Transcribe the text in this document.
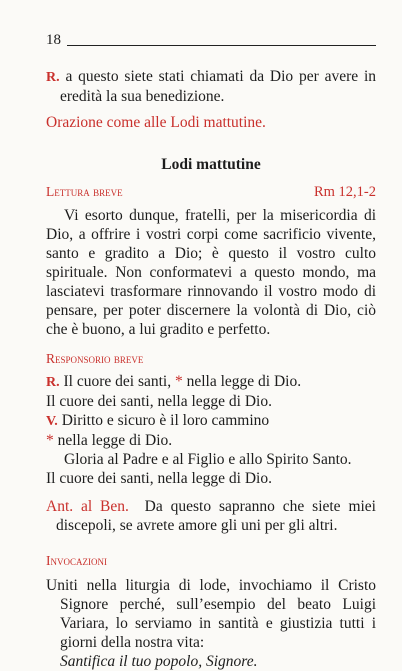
18

R. a questo siete stati chiamati da Dio per avere in eredità la sua benedizione.

Orazione come alle Lodi mattutine.

Lodi mattutine

Lettura breve	Rm 12,1-2

Vi esorto dunque, fratelli, per la misericordia di Dio, a offrire i vostri corpi come sacrificio vivente, santo e gradito a Dio; è questo il vostro culto spirituale. Non conformatevi a questo mondo, ma lasciatevi trasformare rinnovando il vostro modo di pensare, per poter discernere la volontà di Dio, ciò che è buono, a lui gradito e perfetto.

Responsorio breve

R. Il cuore dei santi, * nella legge di Dio.

Il cuore dei santi, nella legge di Dio.

V. Diritto e sicuro è il loro cammino

* nella legge di Dio.

Gloria al Padre e al Figlio e allo Spirito Santo.

Il cuore dei santi, nella legge di Dio.

Ant. al Ben. Da questo sapranno che siete miei discepoli, se avrete amore gli uni per gli altri.

Invocazioni

Uniti nella liturgia di lode, invochiamo il Cristo Signore perché, sull’esempio del beato Luigi Variara, lo serviamo in santità e giustizia tutti i giorni della nostra vita:

Santifica il tuo popolo, Signore.
